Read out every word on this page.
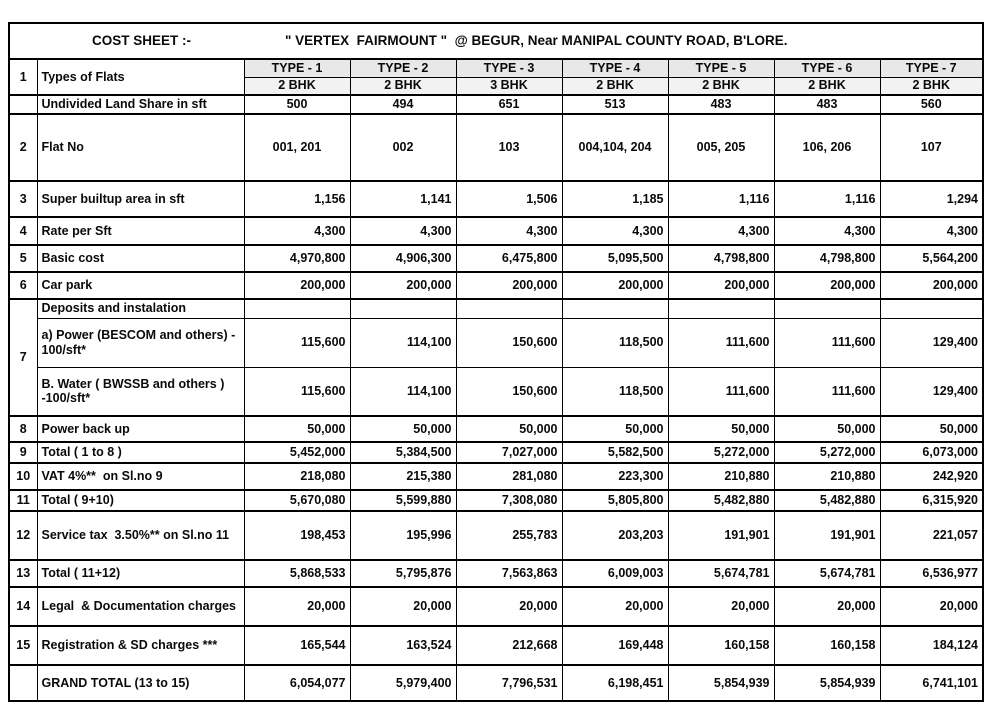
COST SHEET :- " VERTEX  FAIRMOUNT "  @ BEGUR, Near MANIPAL COUNTY ROAD, B'LORE.								

1	Types of Flats	TYPE - 1	TYPE - 2	TYPE - 3	TYPE - 4	TYPE - 5	TYPE - 6	TYPE - 7
		2 BHK	2 BHK	3 BHK	2 BHK	2 BHK	2 BHK	2 BHK
	Undivided Land Share in sft	500	494	651	513	483	483	560
2	Flat No	001, 201	002	103	004,104, 204	005, 205	106, 206	107
3	Super builtup area in sft	1,156	1,141	1,506	1,185	1,116	1,116	1,294
4	Rate per Sft	4,300	4,300	4,300	4,300	4,300	4,300	4,300
5	Basic cost	4,970,800	4,906,300	6,475,800	5,095,500	4,798,800	4,798,800	5,564,200
6	Car park	200,000	200,000	200,000	200,000	200,000	200,000	200,000
7	Deposits and instalation							
	a) Power (BESCOM and others) - 100/sft*	115,600	114,100	150,600	118,500	111,600	111,600	129,400
	B. Water ( BWSSB and others ) -100/sft*	115,600	114,100	150,600	118,500	111,600	111,600	129,400
8	Power back up	50,000	50,000	50,000	50,000	50,000	50,000	50,000
9	Total ( 1 to 8 )	5,452,000	5,384,500	7,027,000	5,582,500	5,272,000	5,272,000	6,073,000
10	VAT 4%**  on Sl.no 9	218,080	215,380	281,080	223,300	210,880	210,880	242,920
11	Total ( 9+10)	5,670,080	5,599,880	7,308,080	5,805,800	5,482,880	5,482,880	6,315,920
12	Service tax  3.50%** on Sl.no 11	198,453	195,996	255,783	203,203	191,901	191,901	221,057
13	Total ( 11+12)	5,868,533	5,795,876	7,563,863	6,009,003	5,674,781	5,674,781	6,536,977
14	Legal  & Documentation charges	20,000	20,000	20,000	20,000	20,000	20,000	20,000
15	Registration & SD charges ***	165,544	163,524	212,668	169,448	160,158	160,158	184,124
	GRAND TOTAL (13 to 15)	6,054,077	5,979,400	7,796,531	6,198,451	5,854,939	5,854,939	6,741,101
